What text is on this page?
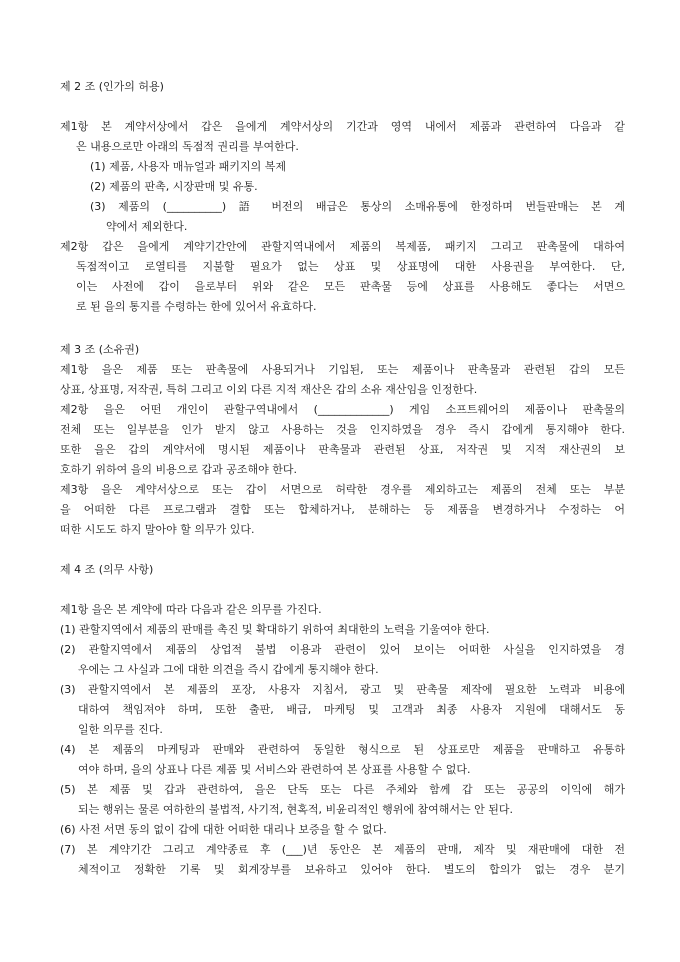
제 2 조 (인가의 허용)
제1항 본 계약서상에서 갑은 을에게 계약서상의 기간과 영역 내에서 제품과 관련하여 다음과 같
은 내용으로만 아래의 독점적 권리를 부여한다.
(1) 제품, 사용자 매뉴얼과 패키지의 복제
(2) 제품의 판촉, 시장판매 및 유통.
(3) 제품의 (__________) 語 버전의 배급은 통상의 소매유통에 한정하며 번들판매는 본 계
약에서 제외한다.
제2항 갑은 을에게 계약기간안에 관할지역내에서 제품의 복제품, 패키지 그리고 판촉물에 대하여
독점적이고 로열티를 지불할 필요가 없는 상표 및 상표명에 대한 사용권을 부여한다. 단,
이는 사전에 갑이 을로부터 위와 같은 모든 판촉물 등에 상표를 사용해도 좋다는 서면으
로 된 을의 통지를 수령하는 한에 있어서 유효하다.
제 3 조 (소유권)
제1항 을은 제품 또는 판촉물에 사용되거나 기입된, 또는 제품이나 판촉물과 관련된 갑의 모든
상표, 상표명, 저작권, 특허 그리고 이외 다른 지적 재산은 갑의 소유 재산임을 인정한다.
제2항 을은 어떤 개인이 관할구역내에서 (_____________) 게임 소프트웨어의 제품이나 판촉물의
전체 또는 일부분을 인가 받지 않고 사용하는 것을 인지하였을 경우 즉시 갑에게 통지해야 한다.
또한 을은 갑의 계약서에 명시된 제품이나 판촉물과 관련된 상표, 저작권 및 지적 재산권의 보
호하기 위하여 을의 비용으로 갑과 공조해야 한다.
제3항 을은 계약서상으로 또는 갑이 서면으로 허락한 경우를 제외하고는 제품의 전체 또는 부분
을 어떠한 다른 프로그램과 결합 또는 합체하거나, 분해하는 등 제품을 변경하거나 수정하는 어
떠한 시도도 하지 말아야 할 의무가 있다.
제 4 조 (의무 사항)
제1항 을은 본 계약에 따라 다음과 같은 의무를 가진다.
(1) 관할지역에서 제품의 판매를 촉진 및 확대하기 위하여 최대한의 노력을 기울여야 한다.
(2) 관할지역에서 제품의 상업적 불법 이용과 관련이 있어 보이는 어떠한 사실을 인지하였을 경
우에는 그 사실과 그에 대한 의견을 즉시 갑에게 통지해야 한다.
(3) 관할지역에서 본 제품의 포장, 사용자 지침서, 광고 및 판촉물 제작에 필요한 노력과 비용에
대하여 책임져야 하며, 또한 출판, 배급, 마케팅 및 고객과 최종 사용자 지원에 대해서도 동
일한 의무를 진다.
(4) 본 제품의 마케팅과 판매와 관련하여 동일한 형식으로 된 상표로만 제품을 판매하고 유통하
여야 하며, 을의 상표나 다른 제품 및 서비스와 관련하여 본 상표를 사용할 수 없다.
(5) 본 제품 및 갑과 관련하여, 을은 단독 또는 다른 주체와 함께 갑 또는 공공의 이익에 해가
되는 행위는 물론 여하한의 불법적, 사기적, 현혹적, 비윤리적인 행위에 참여해서는 안 된다.
(6) 사전 서면 동의 없이 갑에 대한 어떠한 대리나 보증을 할 수 없다.
(7) 본 계약기간 그리고 계약종료 후 (___)년 동안은 본 제품의 판매, 제작 및 재판매에 대한 전
체적이고 정확한 기록 및 회계장부를 보유하고 있어야 한다. 별도의 합의가 없는 경우 분기
